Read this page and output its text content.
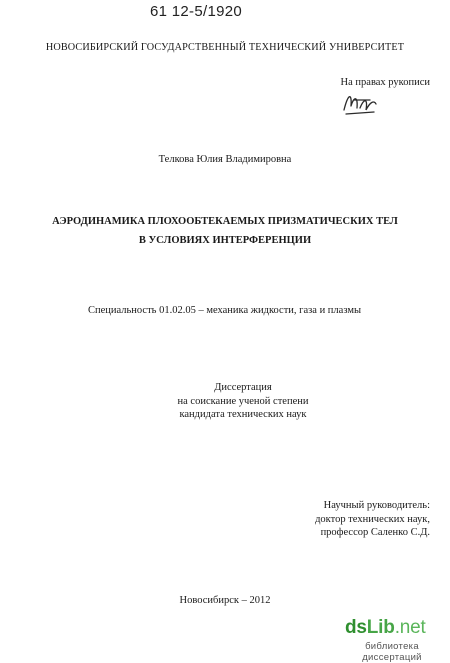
61 12-5/1920
НОВОСИБИРСКИЙ ГОСУДАРСТВЕННЫЙ ТЕХНИЧЕСКИЙ УНИВЕРСИТЕТ
На правах рукописи
Телкова Юлия Владимировна
АЭРОДИНАМИКА ПЛОХООБТЕКАЕМЫХ ПРИЗМАТИЧЕСКИХ ТЕЛ
В УСЛОВИЯХ ИНТЕРФЕРЕНЦИИ
Специальность 01.02.05 – механика жидкости, газа и плазмы
Диссертация
на соискание ученой степени
кандидата технических наук
Научный руководитель:
доктор технических наук,
профессор Саленко С.Д.
Новосибирск – 2012
dsLib.net
библиотека диссертаций
